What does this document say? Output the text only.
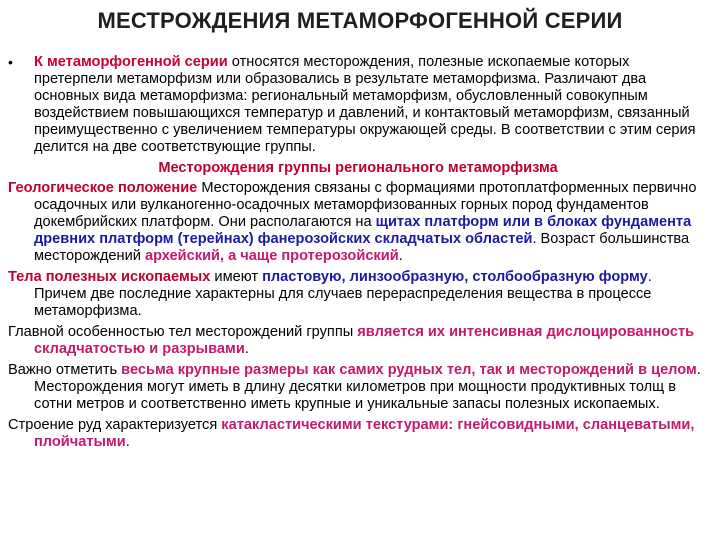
МЕСТРОЖДЕНИЯ МЕТАМОРФОГЕННОЙ СЕРИИ

• К метаморфогенной серии относятся месторождения, полезные ископаемые которых претерпели метаморфизм или образовались в результате метаморфизма. Различают два основных вида метаморфизма: региональный метаморфизм, обусловленный совокупным воздействием повышающихся температур и давлений, и контактовый метаморфизм, связанный преимущественно с увеличением температуры окружающей среды. В соответствии с этим серия делится на две соответствующие группы.

Месторождения группы регионального метаморфизма

Геологическое положение Месторождения связаны с формациями протоплатформенных первично осадочных или вулканогенно-осадочных метаморфизованных горных пород фундаментов докембрийских платформ. Они располагаются на щитах платформ или в блоках фундамента древних платформ (терейнах) фанерозойских складчатых областей. Возраст большинства месторождений архейский, а чаще протерозойский.

Тела полезных ископаемых имеют пластовую, линзообразную, столбообразную форму. Причем две последние характерны для случаев перераспределения вещества в процессе метаморфизма.

Главной особенностью тел месторождений группы является их интенсивная дислоцированность складчатостью и разрывами.

Важно отметить весьма крупные размеры как самих рудных тел, так и месторождений в целом. Месторождения могут иметь в длину десятки километров при мощности продуктивных толщ в сотни метров и соответственно иметь крупные и уникальные запасы полезных ископаемых.

Строение руд характеризуется катакластическими текстурами: гнейсовидными, сланцеватыми, плойчатыми.
